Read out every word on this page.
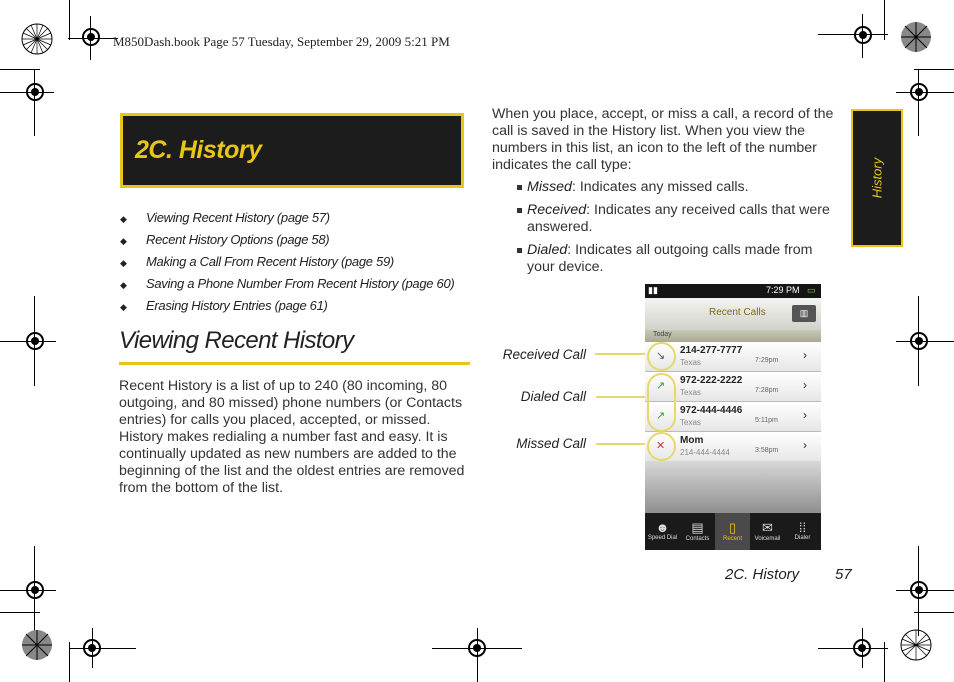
M850Dash.book Page 57 Tuesday, September 29, 2009 5:21 PM
2C. History
◆ Viewing Recent History (page 57)
◆ Recent History Options (page 58)
◆ Making a Call From Recent History (page 59)
◆ Saving a Phone Number From Recent History (page 60)
◆ Erasing History Entries (page 61)
Viewing Recent History
Recent History is a list of up to 240 (80 incoming, 80 outgoing, and 80 missed) phone numbers (or Contacts entries) for calls you placed, accepted, or missed. History makes redialing a number fast and easy. It is continually updated as new numbers are added to the beginning of the list and the oldest entries are removed from the bottom of the list.
When you place, accept, or miss a call, a record of the call is saved in the History list. When you view the numbers in this list, an icon to the left of the number indicates the call type:
Missed: Indicates any missed calls.
Received: Indicates any received calls that were answered.
Dialed: Indicates all outgoing calls made from your device.
History
Received Call
Dialed Call
Missed Call
▮▮	7:29 PM ▭
Recent Calls	▥
Today
↘ 214-277-7777
Texas	7:29pm ›
↗ 972-222-2222
Texas	7:28pm ›
↗ 972-444-4446
Texas	5:11pm ›
✕ Mom
214-444-4444	3:58pm ›
☻
Speed Dial
▤
Contacts
▯
Recent
✉
Voicemail
⁞⁞
Dialer
2C. History 57
